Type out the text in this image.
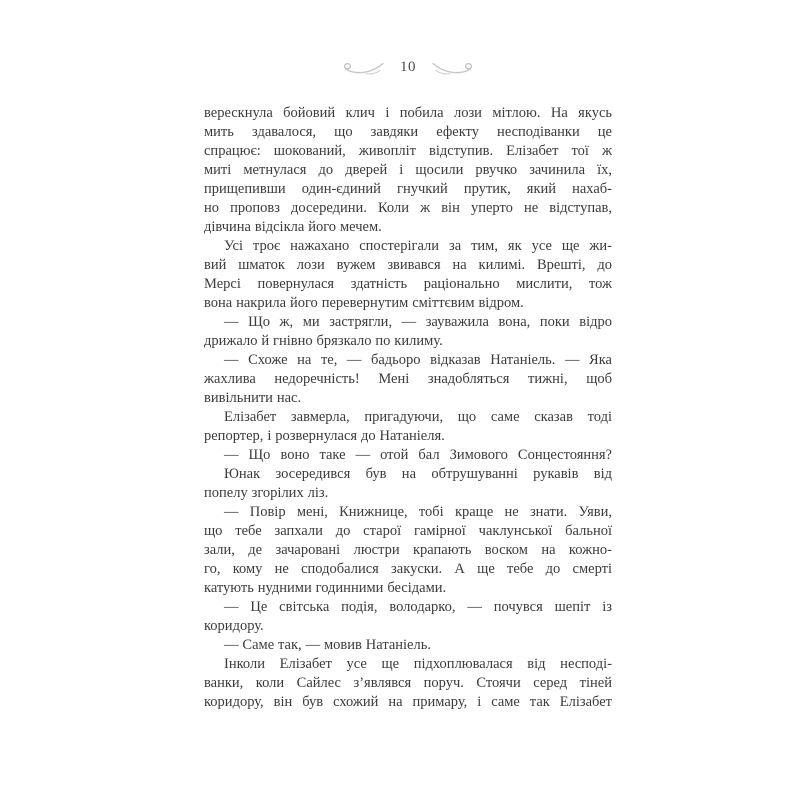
10
верескнула бойовий клич і побила лози мітлою. На якусь
мить здавалося, що завдяки ефекту несподіванки це
спрацює: шокований, живопліт відступив. Елізабет тої ж
миті метнулася до дверей і щосили рвучко зачинила їх,
прищепивши один-єдиний гнучкий прутик, який нахаб-
но проповз досередини. Коли ж він уперто не відступав,
дівчина відсікла його мечем.
Усі троє нажахано спостерігали за тим, як усе ще жи-
вий шматок лози вужем звивався на килимі. Врешті, до
Мерсі повернулася здатність раціонально мислити, тож
вона накрила його перевернутим сміттєвим відром.
— Що ж, ми застрягли, — зауважила вона, поки відро
дрижало й гнівно брязкало по килиму.
— Схоже на те, — бадьоро відказав Натаніель. — Яка
жахлива недоречність! Мені знадобляться тижні, щоб
вивільнити нас.
Елізабет завмерла, пригадуючи, що саме сказав тоді
репортер, і розвернулася до Натаніеля.
— Що воно таке — отой бал Зимового Сонцестояння?
Юнак зосередився був на обтрушуванні рукавів від
попелу згорілих ліз.
— Повір мені, Книжнице, тобі краще не знати. Уяви,
що тебе запхали до старої гамірної чаклунської бальної
зали, де зачаровані люстри крапають воском на кожно-
го, кому не сподобалися закуски. А ще тебе до смерті
катують нудними годинними бесідами.
— Це світська подія, володарко, — почувся шепіт із
коридору.
— Саме так, — мовив Натаніель.
Інколи Елізабет усе ще підхоплювалася від несподі-
ванки, коли Сайлес з’являвся поруч. Стоячи серед тіней
коридору, він був схожий на примару, і саме так Елізабет
